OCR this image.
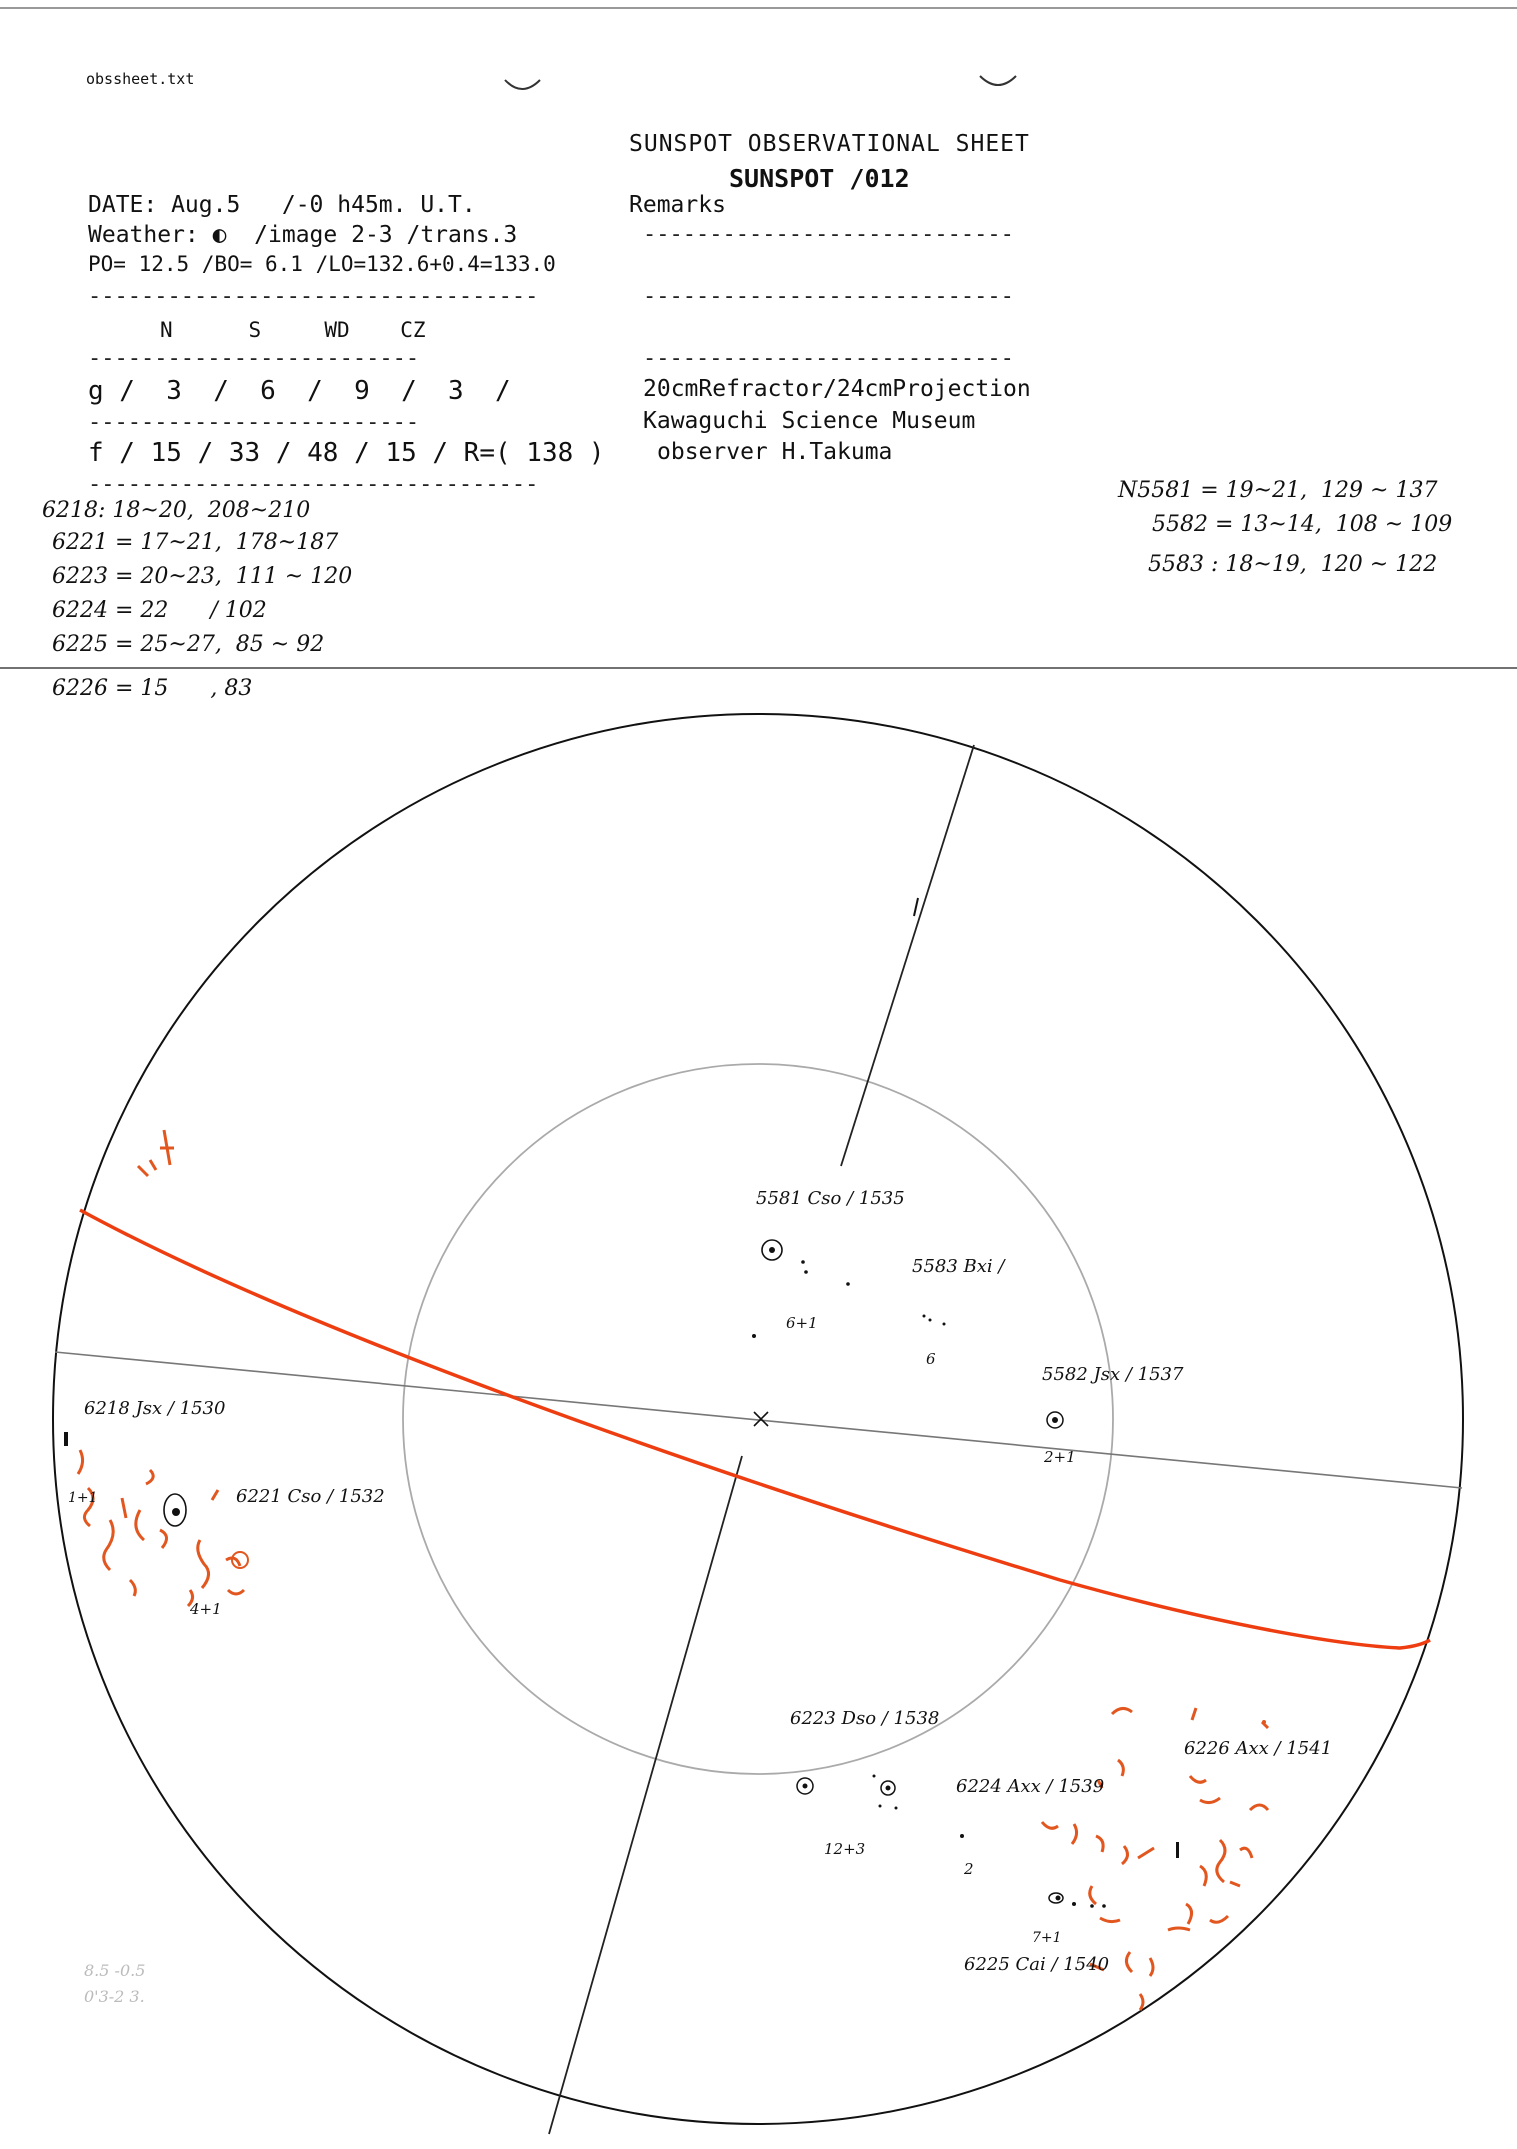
obssheet.txt
SUNSPOT OBSERVATIONAL SHEET
SUNSPOT /012
Remarks
DATE: Aug.5   /-0 h45m. U.T.
Weather: ◐  /image 2-3 /trans.3
PO= 12.5 /BO= 6.1 /LO=132.6+0.4=133.0
----------------------------------
N      S     WD    CZ
-------------------------
g /  3  /  6  /  9  /  3  /
-------------------------
f / 15 / 33 / 48 / 15 / R=( 138 )
----------------------------------
----------------------------
----------------------------
----------------------------
20cmRefractor/24cmProjection
Kawaguchi Science Museum
observer H.Takuma
6218: 18~20,  208~210
6221 = 17~21,  178~187
6223 = 20~23,  111 ~ 120
6224 = 22      / 102
6225 = 25~27,  85 ~ 92
6226 = 15      , 83
N5581 = 19~21,  129 ~ 137
5582 = 13~14,  108 ~ 109
5583 : 18~19,  120 ~ 122
5581 Cso / 1535
5583 Bxi /
6+1
6
5582 Jsx / 1537
2+1
6218 Jsx / 1530
1+1	6221 Cso / 1532
4+1
6223 Dso / 1538
12+3
6224 Axx / 1539
2
6225 Cai / 1540
7+1
6226 Axx / 1541
8.5 -0.5 0'3-2 3.
